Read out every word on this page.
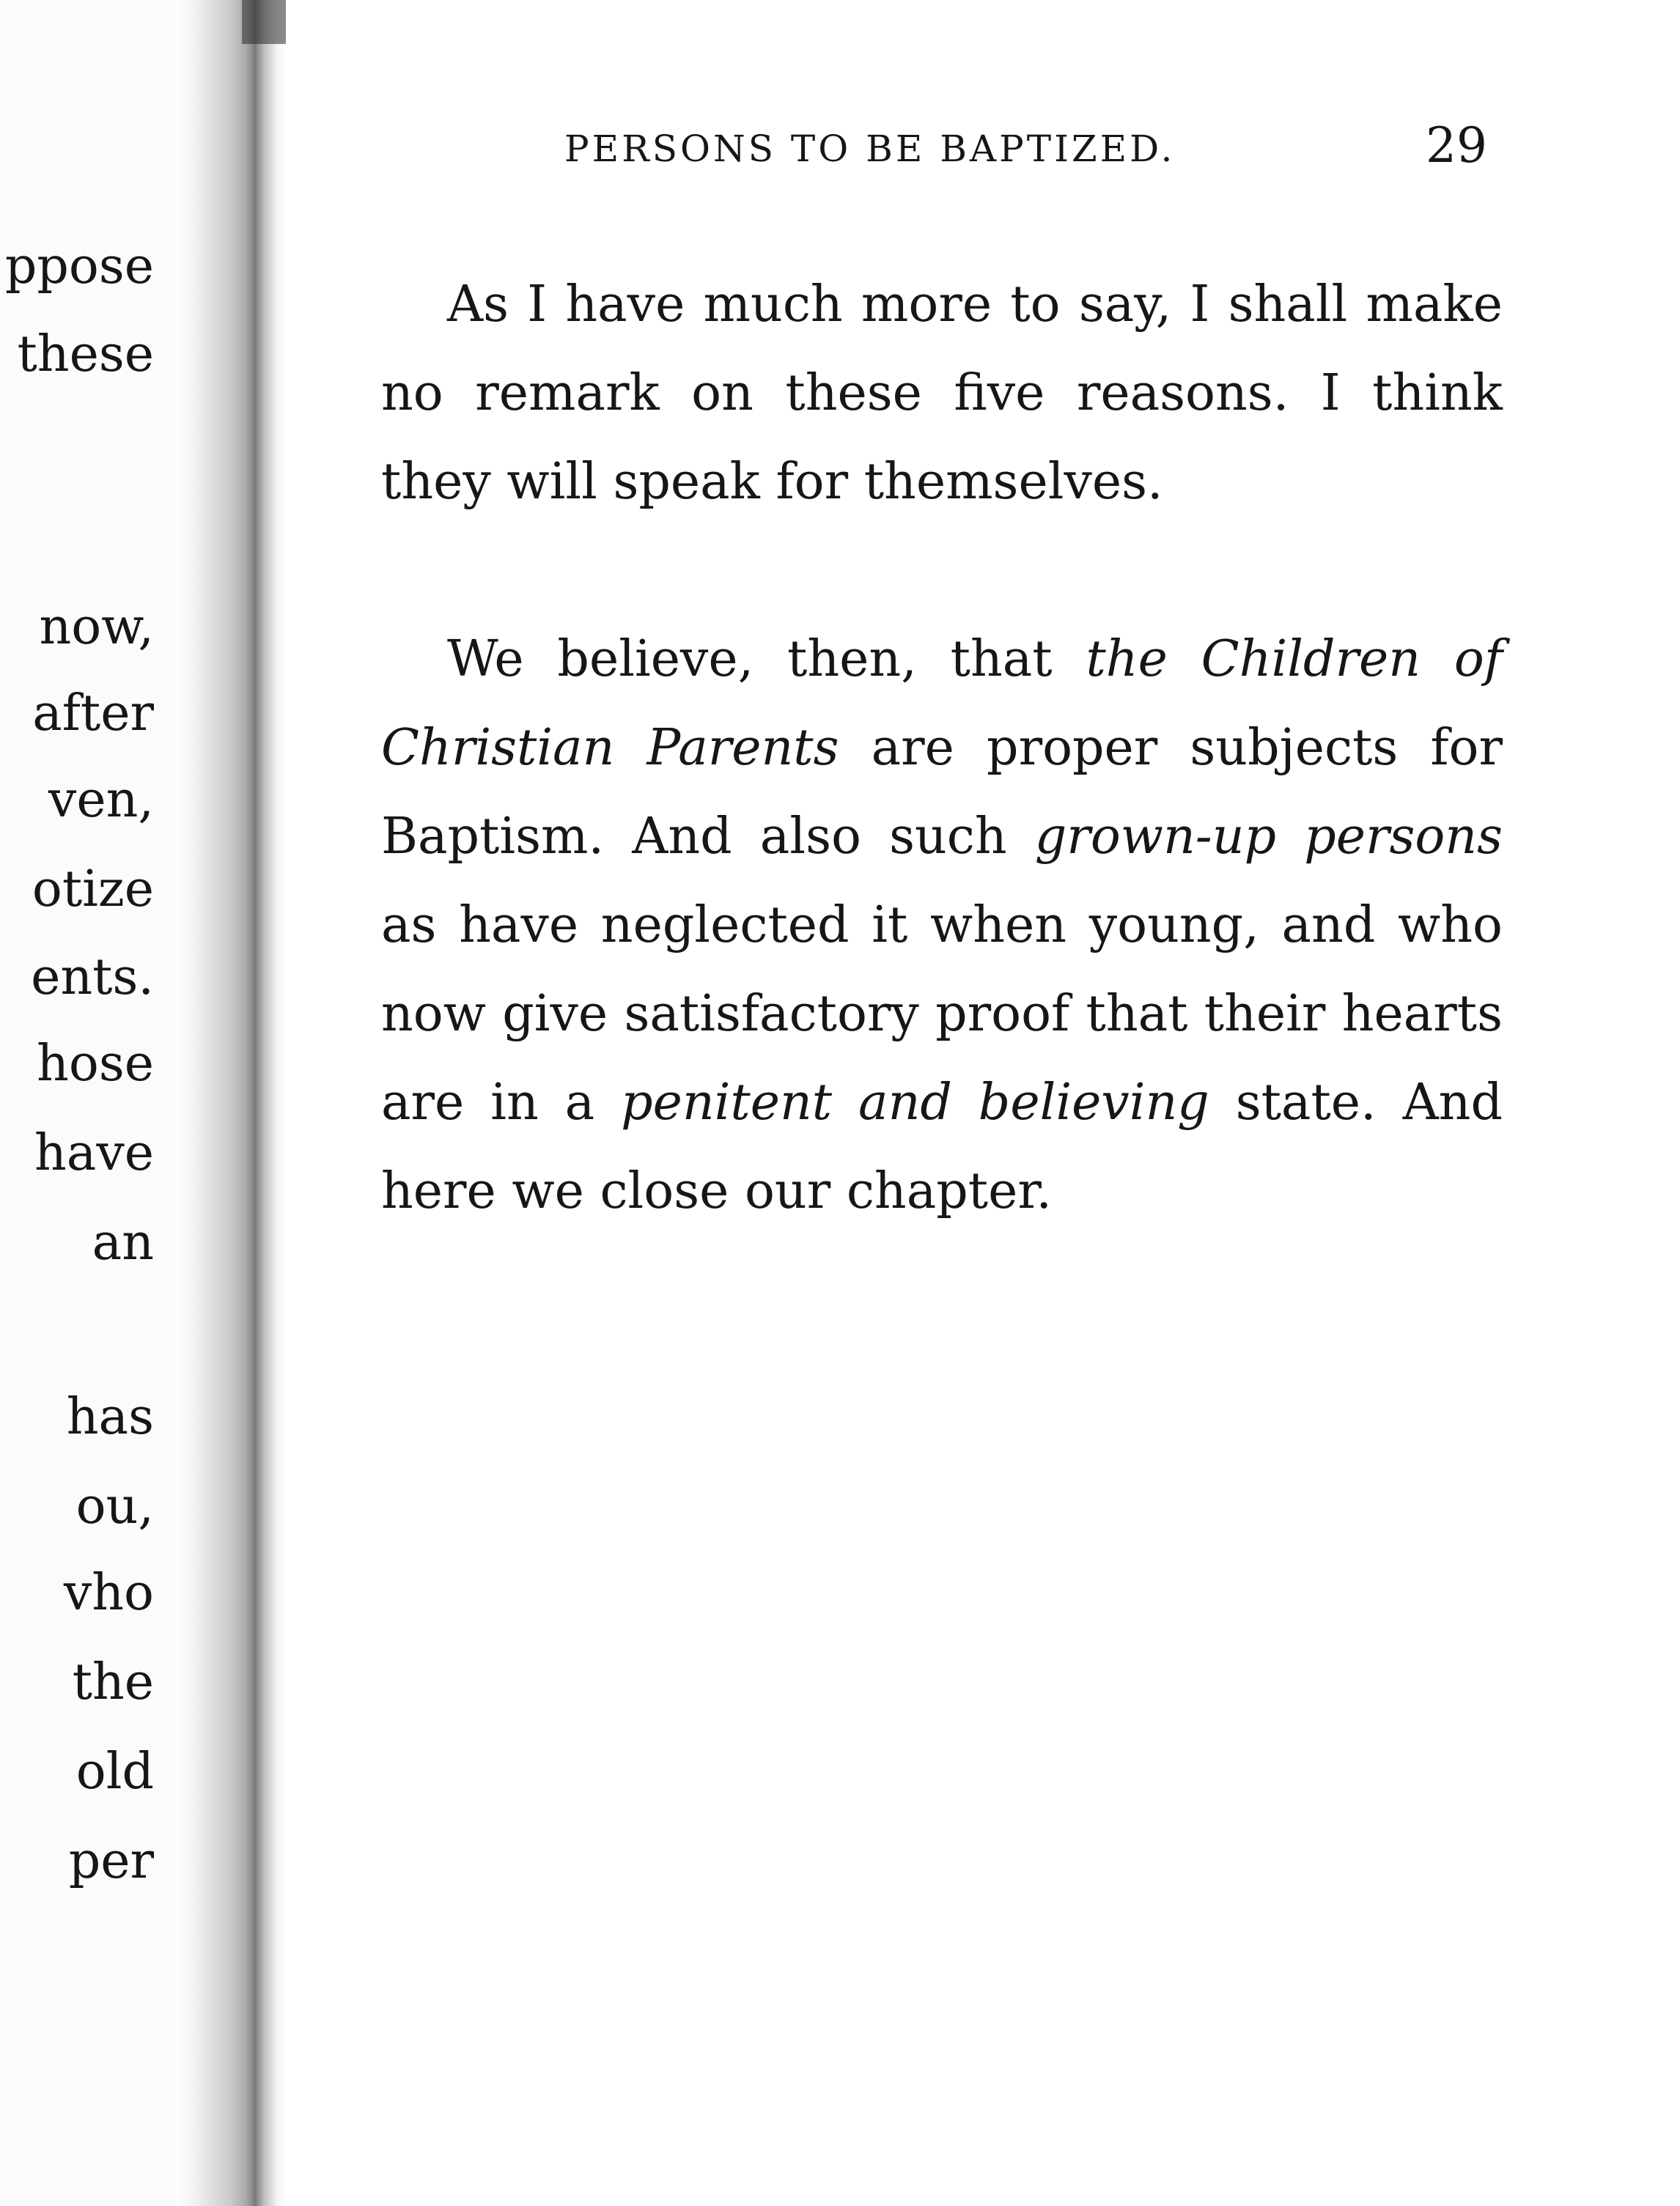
ppose
these
now,
after
ven,
otize
ents.
hose
have
an
has
ou,
vho
the
old
per
PERSONS TO BE BAPTIZED.	29

As I have much more to say, I shall make no remark on these five reasons. I think they will speak for themselves.

We believe, then, that the Children of Christian Parents are proper subjects for Baptism. And also such grown-up persons as have neglected it when young, and who now give satisfactory proof that their hearts are in a penitent and believing state. And here we close our chapter.
